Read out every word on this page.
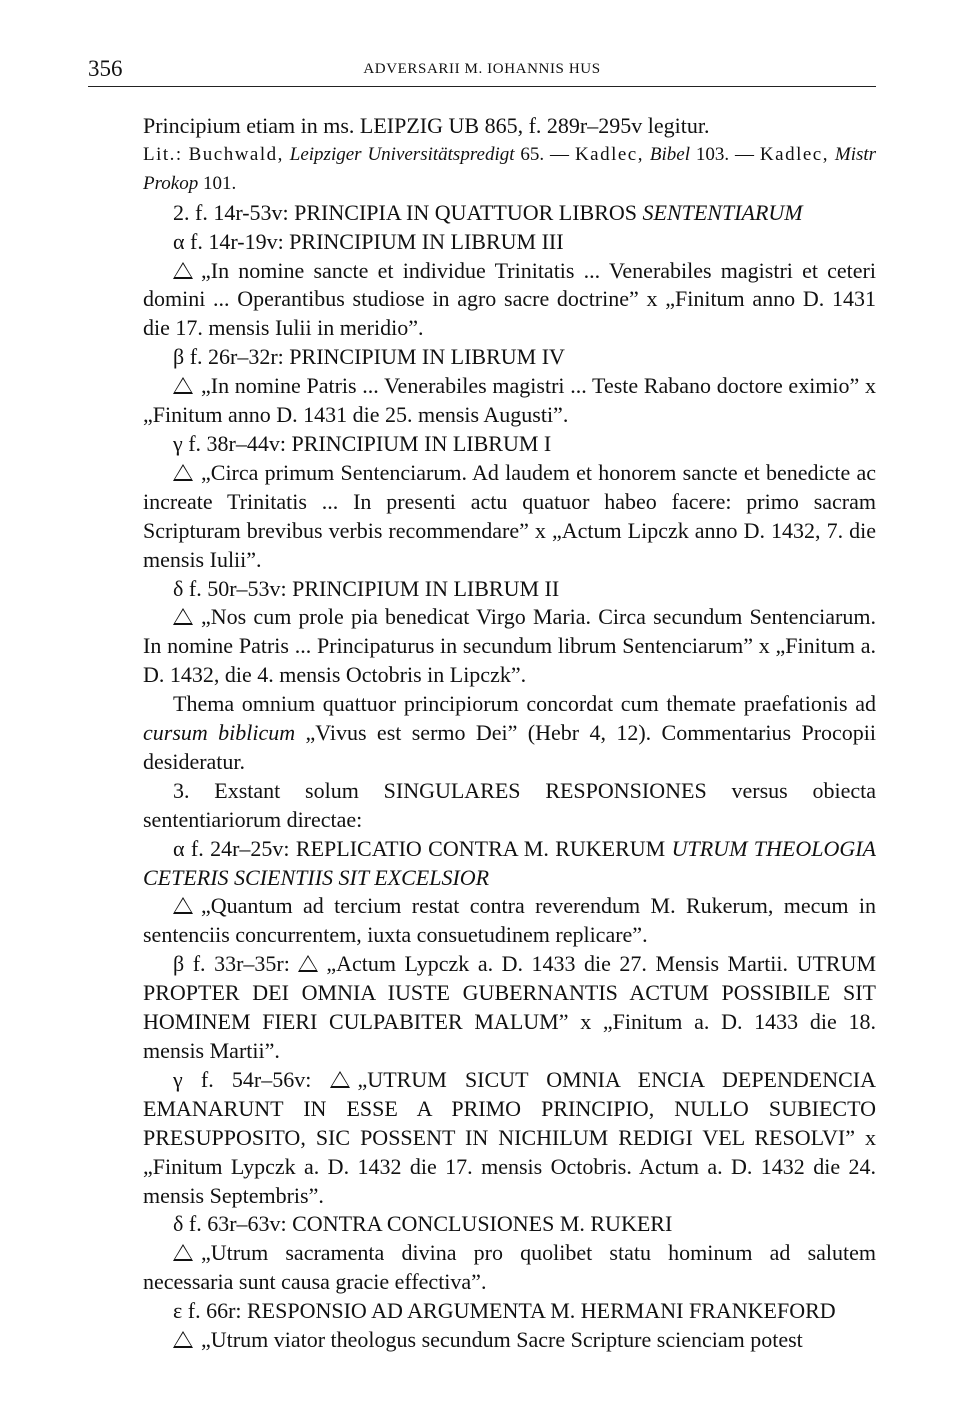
356	ADVERSARII M. IOHANNIS HUS

Principium etiam in ms. LEIPZIG UB 865, f. 289r–295v legitur.

Lit.: Buchwald, Leipziger Universitätspredigt 65. — Kadlec, Bibel 103. — Kadlec, Mistr Prokop 101.

2. f. 14r-53v: PRINCIPIA IN QUATTUOR LIBROS SENTENTIARUM

α f. 14r-19v: PRINCIPIUM IN LIBRUM III

„In nomine sancte et individue Trinitatis ... Venerabiles magistri et ceteri domini ... Operantibus studiose in agro sacre doctrine” x „Finitum anno D. 1431 die 17. mensis Iulii in meridio”.

β f. 26r–32r: PRINCIPIUM IN LIBRUM IV

„In nomine Patris ... Venerabiles magistri ... Teste Rabano doctore eximio” x „Finitum anno D. 1431 die 25. mensis Augusti”.

γ f. 38r–44v: PRINCIPIUM IN LIBRUM I

„Circa primum Sentenciarum. Ad laudem et honorem sancte et benedicte ac increate Trinitatis ... In presenti actu quatuor habeo facere: primo sacram Scripturam brevibus verbis recommendare” x „Actum Lipczk anno D. 1432, 7. die mensis Iulii”.

δ f. 50r–53v: PRINCIPIUM IN LIBRUM II

„Nos cum prole pia benedicat Virgo Maria. Circa secundum Sentenciarum. In nomine Patris ... Principaturus in secundum librum Sentenciarum” x „Finitum a. D. 1432, die 4. mensis Octobris in Lipczk”.

Thema omnium quattuor principiorum concordat cum themate praefationis ad cursum biblicum „Vivus est sermo Dei” (Hebr 4, 12). Commentarius Procopii desideratur.

3. Exstant solum SINGULARES RESPONSIONES versus obiecta sententiariorum directae:

α f. 24r–25v: REPLICATIO CONTRA M. RUKERUM UTRUM THEOLOGIA CETERIS SCIENTIIS SIT EXCELSIOR

„Quantum ad tercium restat contra reverendum M. Rukerum, mecum in sentenciis concurrentem, iuxta consuetudinem replicare”.

β f. 33r–35r: „Actum Lypczk a. D. 1433 die 27. Mensis Martii. UTRUM PROPTER DEI OMNIA IUSTE GUBERNANTIS ACTUM POSSIBILE SIT HOMINEM FIERI CULPABITER MALUM” x „Finitum a. D. 1433 die 18. mensis Martii”.

γ f. 54r–56v: „UTRUM SICUT OMNIA ENCIA DEPENDENCIA EMANARUNT IN ESSE A PRIMO PRINCIPIO, NULLO SUBIECTO PRESUPPOSITO, SIC POSSENT IN NICHILUM REDIGI VEL RESOLVI” x „Finitum Lypczk a. D. 1432 die 17. mensis Octobris. Actum a. D. 1432 die 24. mensis Septembris”.

δ f. 63r–63v: CONTRA CONCLUSIONES M. RUKERI

„Utrum sacramenta divina pro quolibet statu hominum ad salutem necessaria sunt causa gracie effectiva”.

ε f. 66r: RESPONSIO AD ARGUMENTA M. HERMANI FRANKEFORD

„Utrum viator theologus secundum Sacre Scripture scienciam potest
